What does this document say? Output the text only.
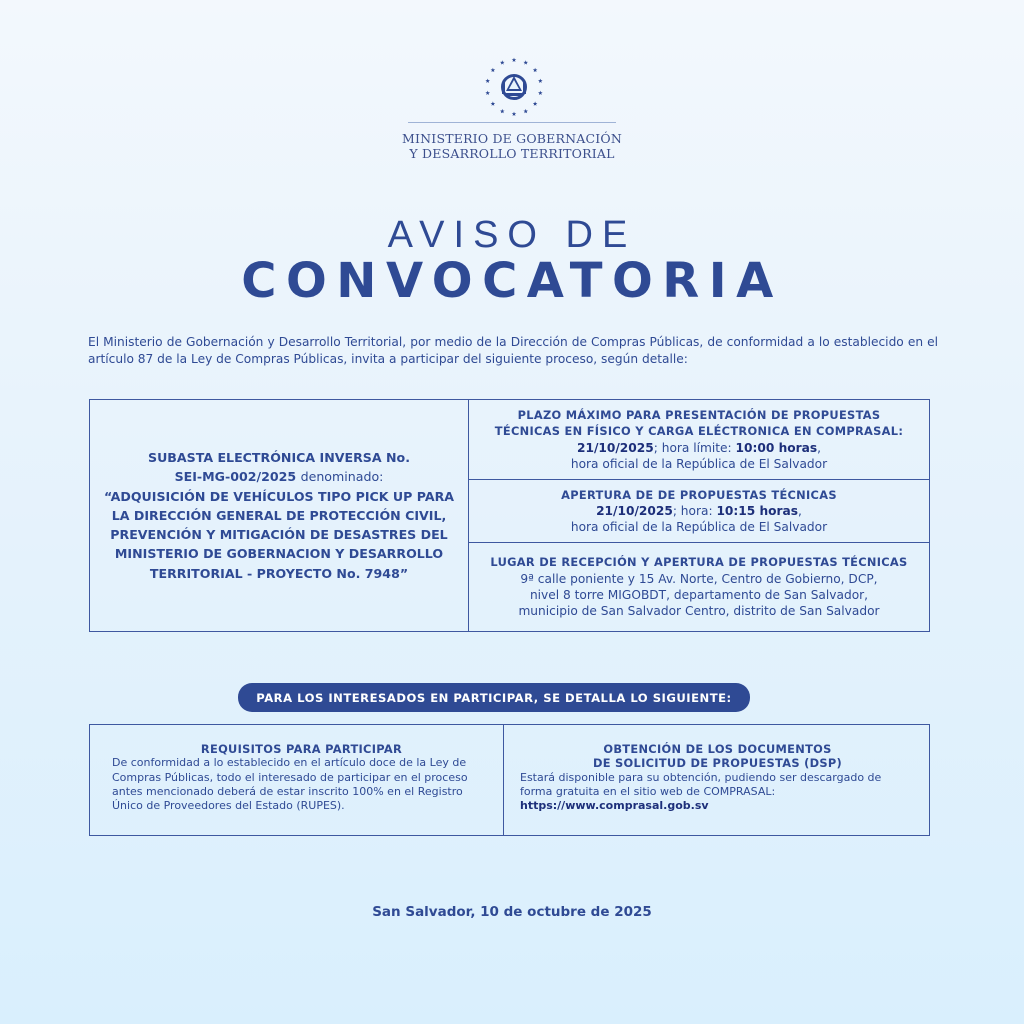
MINISTERIO DE GOBERNACIÓN
Y DESARROLLO TERRITORIAL
AVISO DE
CONVOCATORIA
El Ministerio de Gobernación y Desarrollo Territorial, por medio de la Dirección de Compras Públicas, de conformidad a lo establecido en el artículo 87 de la Ley de Compras Públicas, invita a participar del siguiente proceso, según detalle:
SUBASTA ELECTRÓNICA INVERSA No.
SEI-MG-002/2025 denominado:
“ADQUISICIÓN DE VEHÍCULOS TIPO PICK UP PARA LA DIRECCIÓN GENERAL DE PROTECCIÓN CIVIL, PREVENCIÓN Y MITIGACIÓN DE DESASTRES DEL MINISTERIO DE GOBERNACION Y DESARROLLO TERRITORIAL - PROYECTO No. 7948”
PLAZO MÁXIMO PARA PRESENTACIÓN DE PROPUESTAS
TÉCNICAS EN FÍSICO Y CARGA ELÉCTRONICA EN COMPRASAL:
21/10/2025; hora límite: 10:00 horas,
hora oficial de la República de El Salvador
APERTURA DE DE PROPUESTAS TÉCNICAS
21/10/2025; hora: 10:15 horas,
hora oficial de la República de El Salvador
LUGAR DE RECEPCIÓN Y APERTURA DE PROPUESTAS TÉCNICAS
9ª calle poniente y 15 Av. Norte, Centro de Gobierno, DCP,
nivel 8 torre MIGOBDT, departamento de San Salvador,
municipio de San Salvador Centro, distrito de San Salvador
PARA LOS INTERESADOS EN PARTICIPAR, SE DETALLA LO SIGUIENTE:
REQUISITOS PARA PARTICIPAR
De conformidad a lo establecido en el artículo doce de la Ley de Compras Públicas, todo el interesado de participar en el proceso antes mencionado deberá de estar inscrito 100% en el Registro Único de Proveedores del Estado (RUPES).
OBTENCIÓN DE LOS DOCUMENTOS
DE SOLICITUD DE PROPUESTAS (DSP)
Estará disponible para su obtención, pudiendo ser descargado de forma gratuita en el sitio web de COMPRASAL:
https://www.comprasal.gob.sv
San Salvador, 10 de octubre de 2025
